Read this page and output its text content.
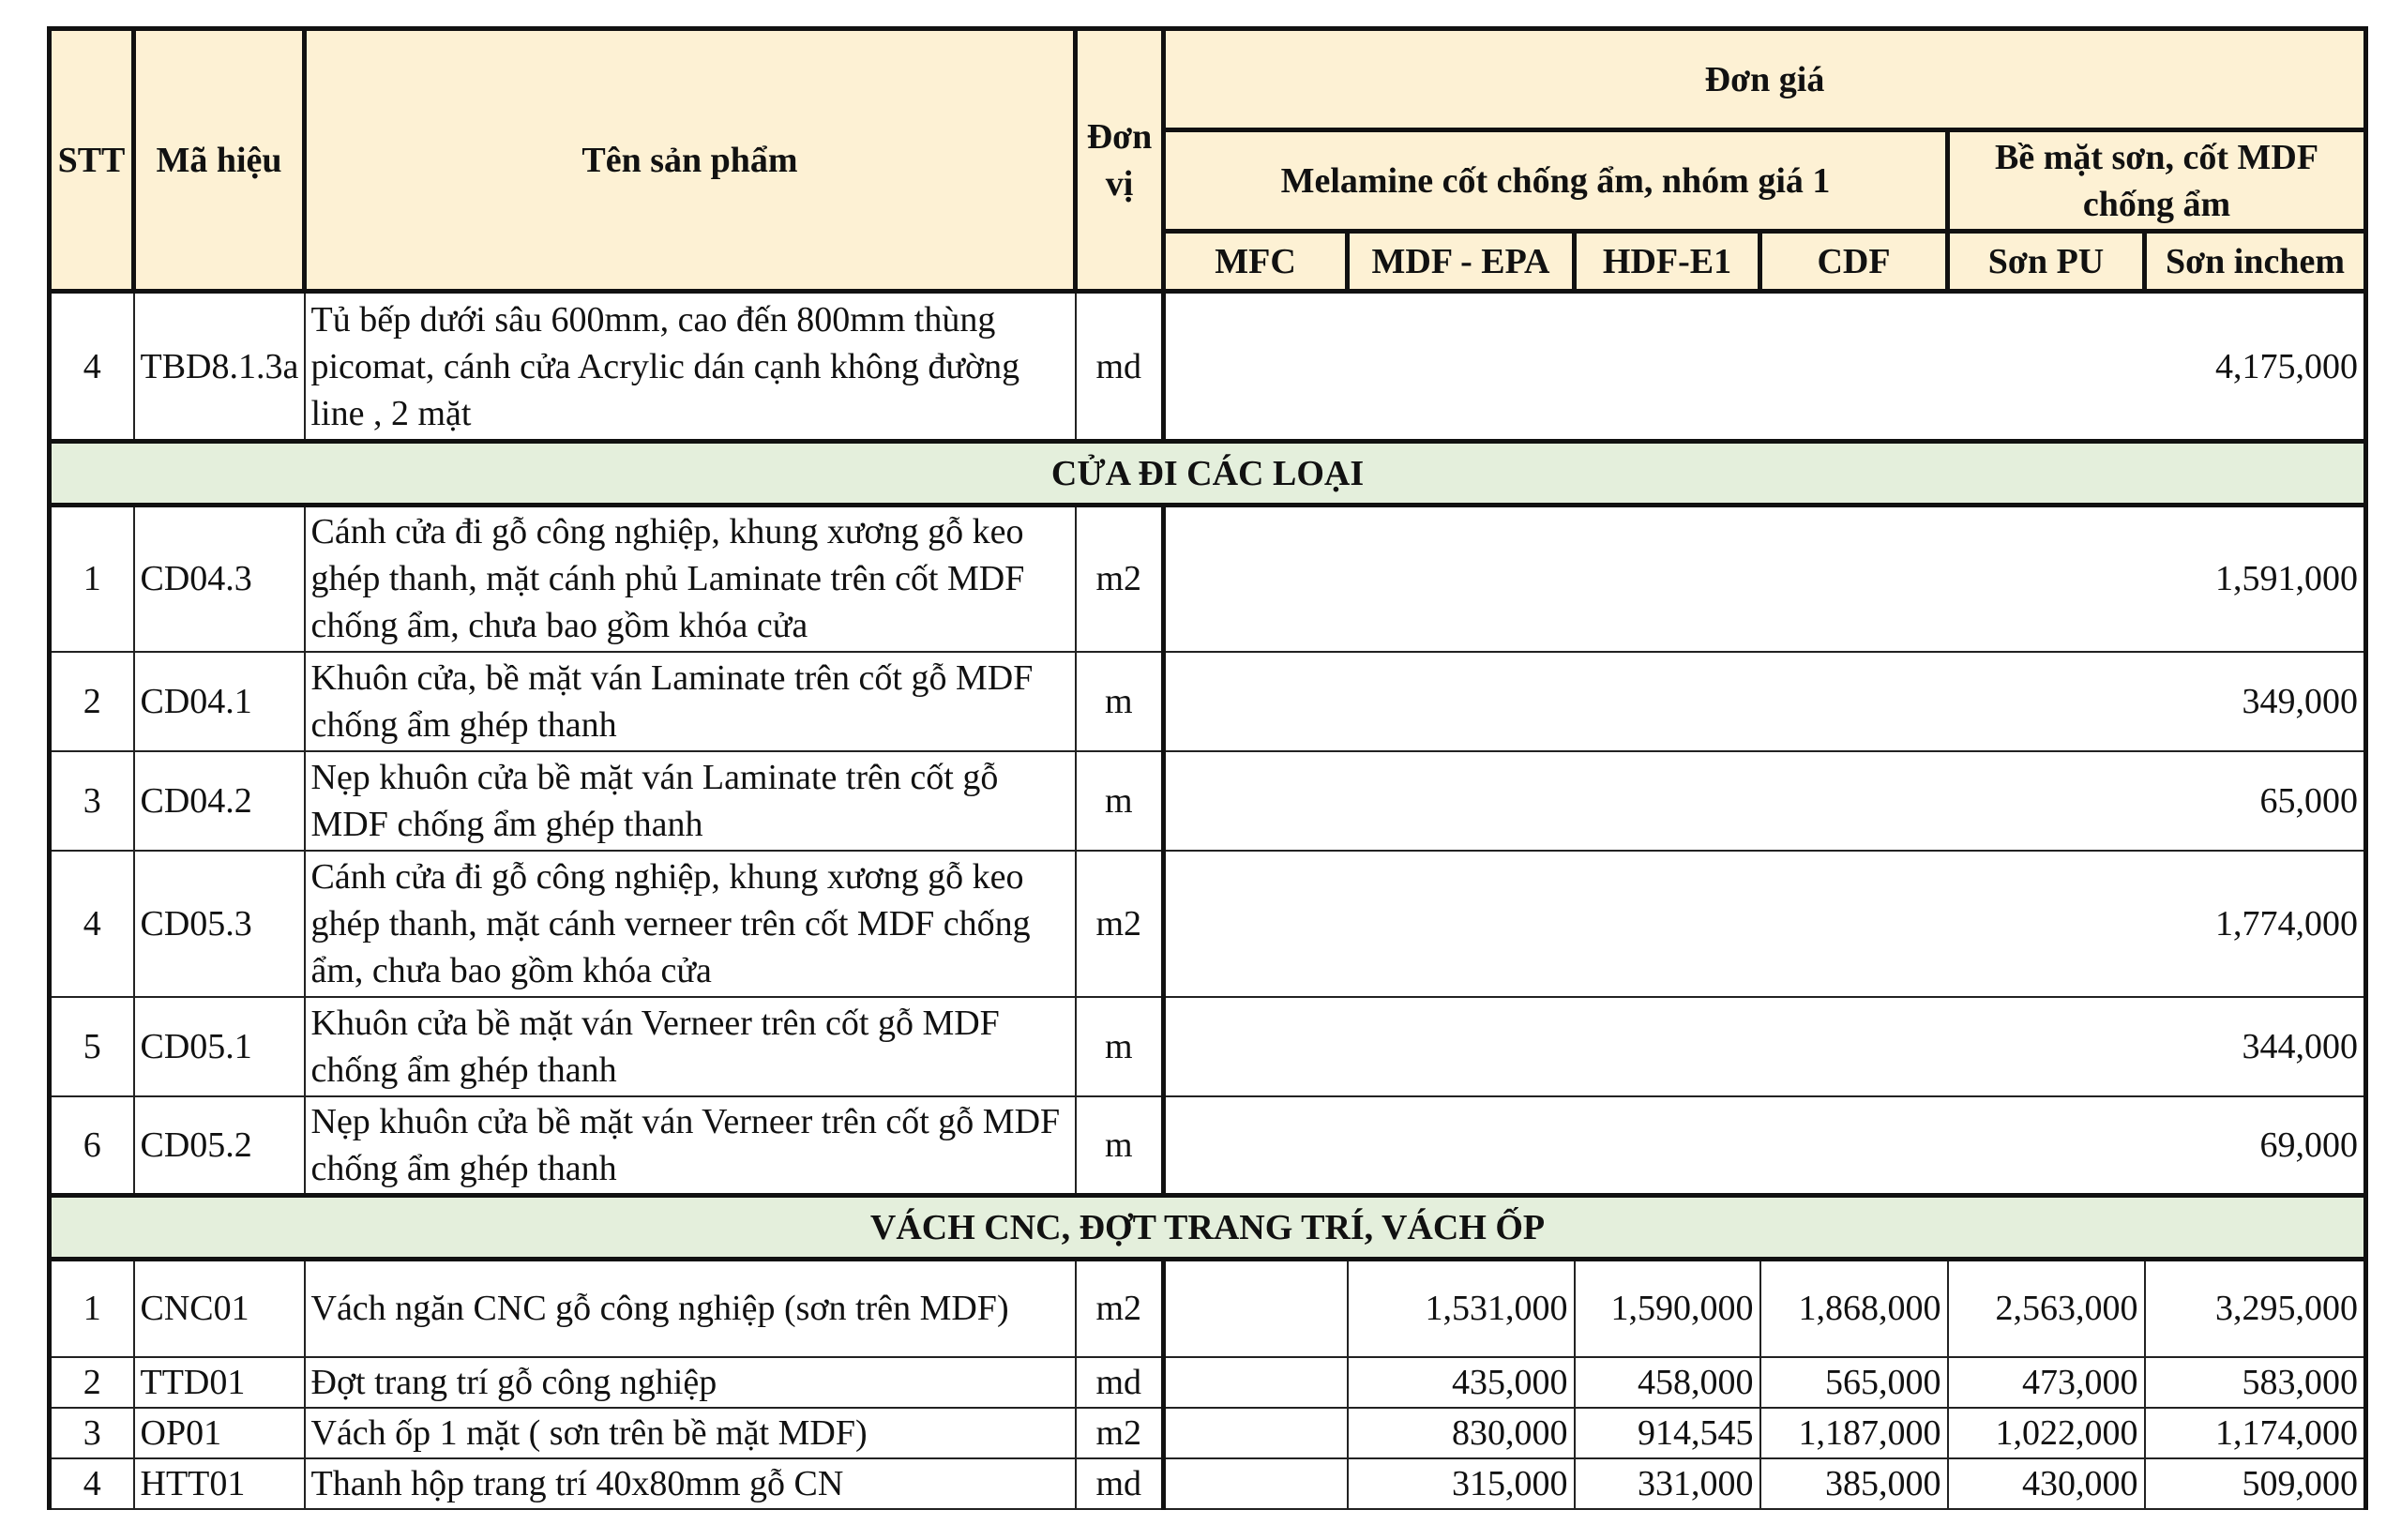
STT	Mã hiệu	Tên sản phẩm	Đơn vị	Đơn giá					
				Melamine cốt chống ẩm, nhóm giá 1				Bề mặt sơn, cốt MDF chống ẩm	
				MFC	MDF - EPA	HDF-E1	CDF	Sơn PU	Sơn inchem
4	TBD8.1.3a	Tủ bếp dưới sâu 600mm, cao đến 800mm thùng picomat, cánh cửa Acrylic dán cạnh không đường line , 2 mặt	md	4,175,000					
CỬA ĐI CÁC LOẠI									
1	CD04.3	Cánh cửa đi gỗ công nghiệp, khung xương gỗ keo ghép thanh, mặt cánh phủ Laminate trên cốt MDF chống ẩm, chưa bao gồm khóa cửa	m2	1,591,000					
2	CD04.1	Khuôn cửa, bề mặt ván Laminate trên cốt gỗ MDF chống ẩm ghép thanh	m	349,000					
3	CD04.2	Nẹp khuôn cửa bề mặt ván Laminate trên cốt gỗ MDF chống ẩm ghép thanh	m	65,000					
4	CD05.3	Cánh cửa đi gỗ công nghiệp, khung xương gỗ keo ghép thanh, mặt cánh verneer trên cốt MDF chống ẩm, chưa bao gồm khóa cửa	m2	1,774,000					
5	CD05.1	Khuôn cửa bề mặt ván Verneer trên cốt gỗ MDF chống ẩm ghép thanh	m	344,000					
6	CD05.2	Nẹp khuôn cửa bề mặt ván Verneer trên cốt gỗ MDF chống ẩm ghép thanh	m	69,000					
VÁCH CNC, ĐỢT TRANG TRÍ, VÁCH ỐP									
1	CNC01	Vách ngăn CNC gỗ công nghiệp (sơn trên MDF)	m2		1,531,000	1,590,000	1,868,000	2,563,000	3,295,000
2	TTD01	Đợt trang trí gỗ công nghiệp	md		435,000	458,000	565,000	473,000	583,000
3	OP01	Vách ốp 1 mặt ( sơn trên bề mặt MDF)	m2		830,000	914,545	1,187,000	1,022,000	1,174,000
4	HTT01	Thanh hộp trang trí 40x80mm gỗ CN	md		315,000	331,000	385,000	430,000	509,000
